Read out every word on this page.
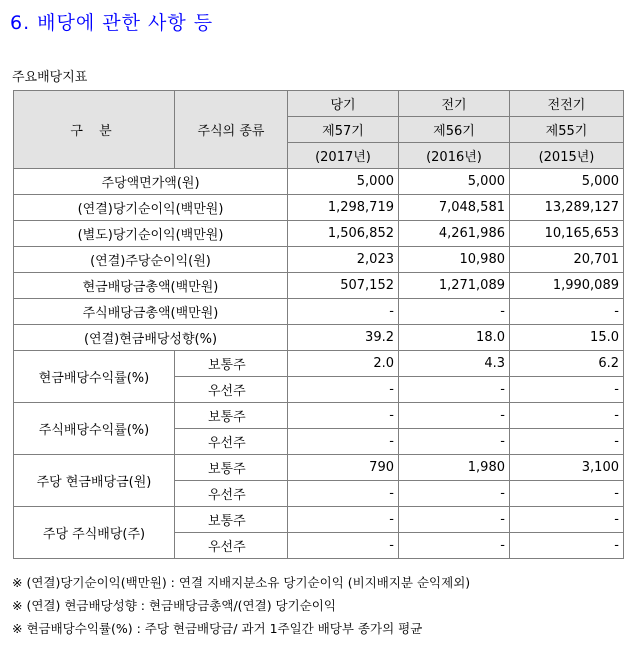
6. 배당에 관한 사항 등
주요배당지표
구 분	주식의 종류	당기	전기	전전기
		제57기	제56기	제55기
		(2017년)	(2016년)	(2015년)
주당액면가액(원)		5,000	5,000	5,000
(연결)당기순이익(백만원)		1,298,719	7,048,581	13,289,127
(별도)당기순이익(백만원)		1,506,852	4,261,986	10,165,653
(연결)주당순이익(원)		2,023	10,980	20,701
현금배당금총액(백만원)		507,152	1,271,089	1,990,089
주식배당금총액(백만원)		-	-	-
(연결)현금배당성향(%)		39.2	18.0	15.0
현금배당수익률(%)	보통주	2.0	4.3	6.2
	우선주	-	-	-
주식배당수익률(%)	보통주	-	-	-
	우선주	-	-	-
주당 현금배당금(원)	보통주	790	1,980	3,100
	우선주	-	-	-
주당 주식배당(주)	보통주	-	-	-
	우선주	-	-	-
※ (연결)당기순이익(백만원) : 연결 지배지분소유 당기순이익 (비지배지분 순익제외)
※ (연결) 현금배당성향 : 현금배당금총액/(연결) 당기순이익
※ 현금배당수익률(%) : 주당 현금배당금/ 과거 1주일간 배당부 종가의 평균
